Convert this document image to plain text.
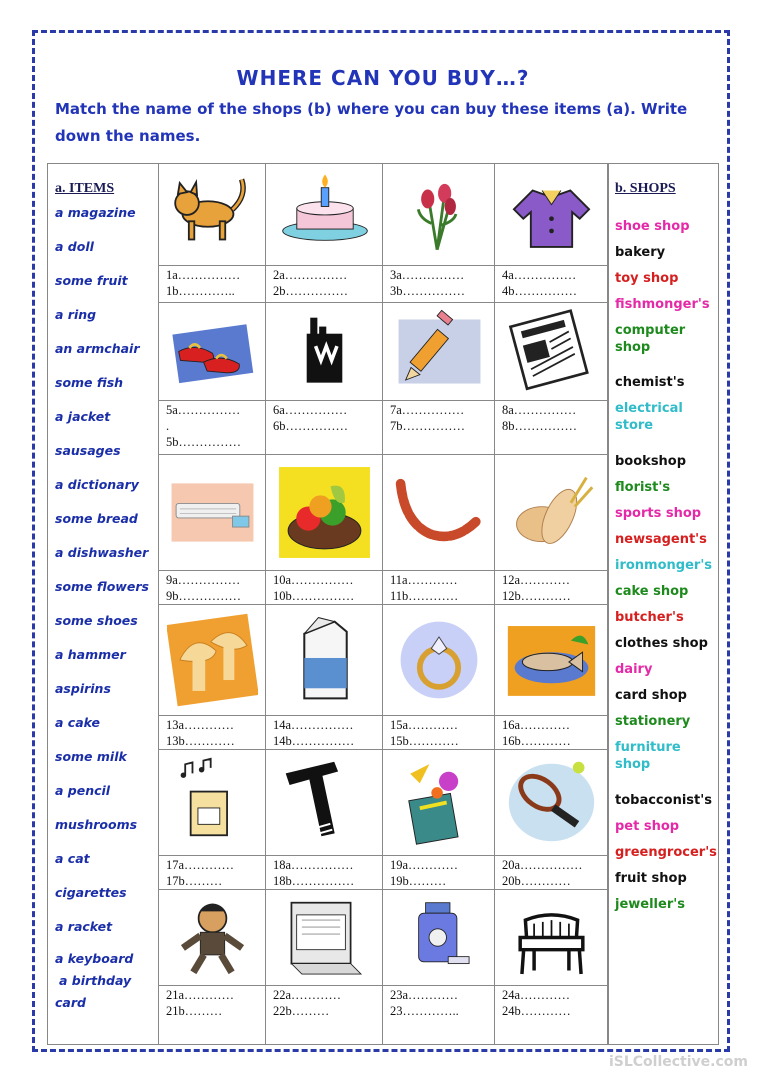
WHERE CAN YOU BUY…?
Match the name of the shops (b) where you can buy these items (a). Write down the names.
a. ITEMS	b. SHOPS
a magazine
a doll
some fruit
a ring
an armchair
some fish
a jacket
sausages
a dictionary
some bread
a dishwasher
some flowers
some shoes
a hammer
aspirins
a cake
some milk
a pencil
mushrooms
a cat
cigarettes
a racket
a keyboard
a birthday
card
shoe shop
bakery
toy shop
fishmonger's
computer shop
chemist's
electrical store
bookshop
florist's
sports shop
newsagent's
ironmonger's
cake shop
butcher's
clothes shop
dairy
card shop
stationery
furniture shop
tobacconist's
pet shop
greengrocer's
fruit shop
jeweller's
1a……………
1b…………..
2a……………
2b……………
3a……………
3b……………
4a……………
4b……………
5a……………
.
5b……………
6a……………
6b……………
7a……………
7b……………
8a……………
8b……………
9a……………
9b……………
10a……………
10b……………
11a…………
11b…………
12a…………
12b…………
13a…………
13b…………
14a……………
14b……………
15a…………
15b…………
16a…………
16b…………
17a…………
17b………
18a……………
18b……………
19a…………
19b………
20a……………
20b…………
21a…………
21b………
22a…………
22b………
23a…………
23…………..
24a…………
24b…………
iSLCollective.com
